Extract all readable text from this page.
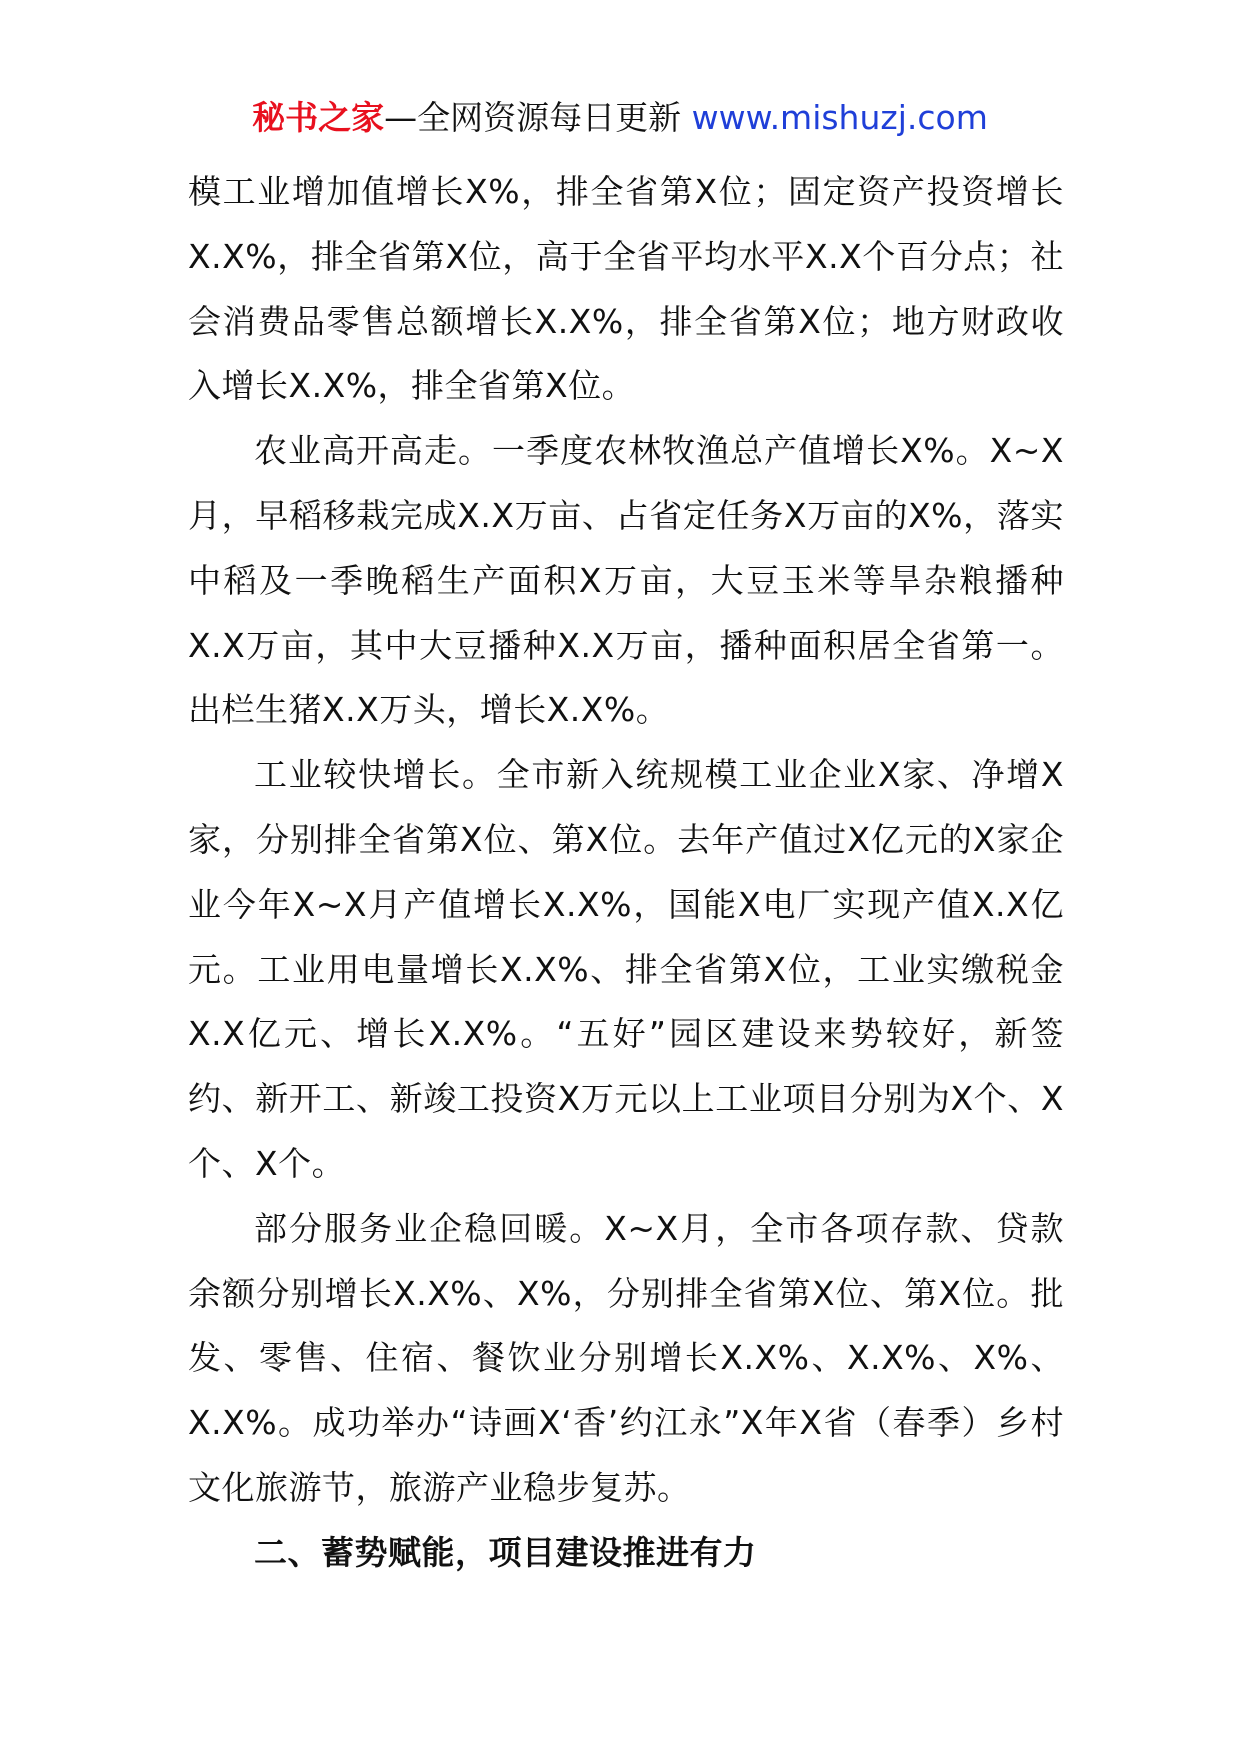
秘书之家—全网资源每日更新 www.mishuzj.com

模工业增加值增长X%，排全省第X位；固定资产投资增长X.X%，排全省第X位，高于全省平均水平X.X个百分点；社会消费品零售总额增长X.X%，排全省第X位；地方财政收入增长X.X%，排全省第X位。

农业高开高走。一季度农林牧渔总产值增长X%。X~X月，早稻移栽完成X.X万亩、占省定任务X万亩的X%，落实中稻及一季晚稻生产面积X万亩，大豆玉米等旱杂粮播种X.X万亩，其中大豆播种X.X万亩，播种面积居全省第一。出栏生猪X.X万头，增长X.X%。

工业较快增长。全市新入统规模工业企业X家、净增X家，分别排全省第X位、第X位。去年产值过X亿元的X家企业今年X~X月产值增长X.X%，国能X电厂实现产值X.X亿元。工业用电量增长X.X%、排全省第X位，工业实缴税金X.X亿元、增长X.X%。“五好”园区建设来势较好，新签约、新开工、新竣工投资X万元以上工业项目分别为X个、X个、X个。

部分服务业企稳回暖。X~X月，全市各项存款、贷款余额分别增长X.X%、X%，分别排全省第X位、第X位。批发、零售、住宿、餐饮业分别增长X.X%、X.X%、X%、X.X%。成功举办“诗画X‘香’约江永”X年X省（春季）乡村文化旅游节，旅游产业稳步复苏。

二、蓄势赋能，项目建设推进有力
